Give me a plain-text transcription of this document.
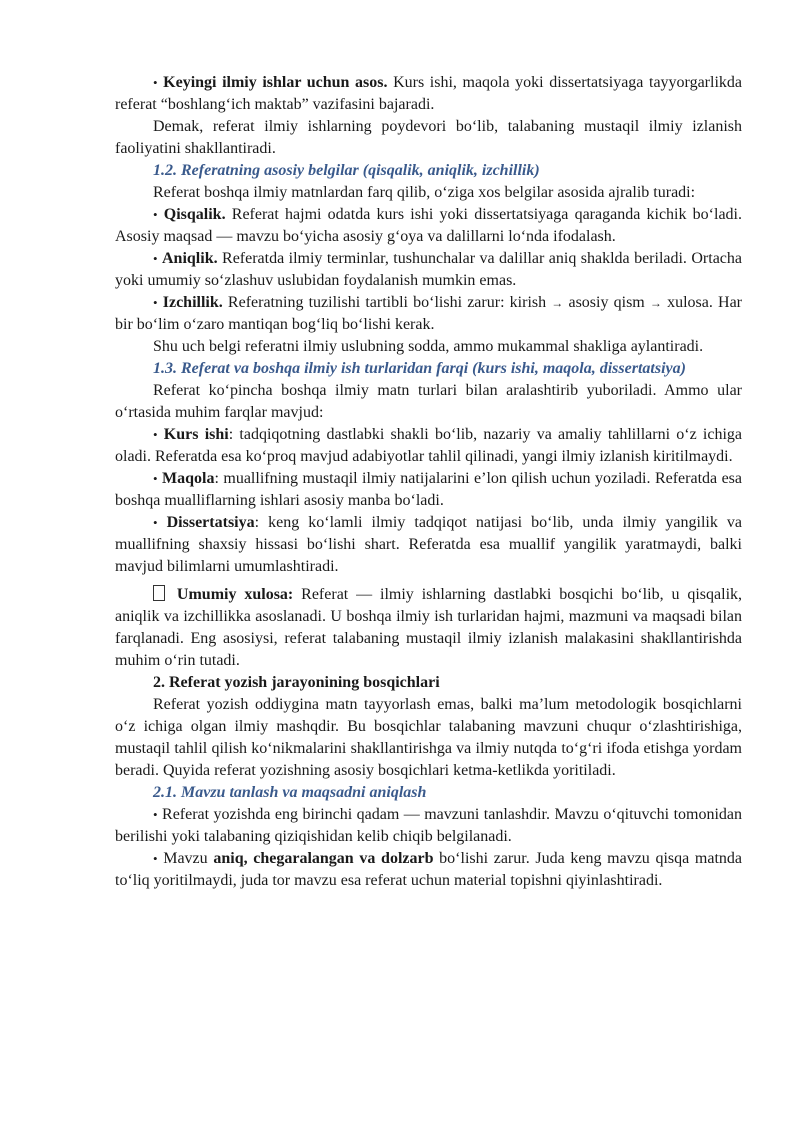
• Keyingi ilmiy ishlar uchun asos. Kurs ishi, maqola yoki dissertatsiyaga tayyorgarlikda referat “boshlang‘ich maktab” vazifasini bajaradi.

Demak, referat ilmiy ishlarning poydevori bo‘lib, talabaning mustaqil ilmiy izlanish faoliyatini shakllantiradi.

1.2. Referatning asosiy belgilar (qisqalik, aniqlik, izchillik)

Referat boshqa ilmiy matnlardan farq qilib, o‘ziga xos belgilar asosida ajralib turadi:

• Qisqalik. Referat hajmi odatda kurs ishi yoki dissertatsiyaga qaraganda kichik bo‘ladi. Asosiy maqsad — mavzu bo‘yicha asosiy g‘oya va dalillarni lo‘nda ifodalash.

• Aniqlik. Referatda ilmiy terminlar, tushunchalar va dalillar aniq shaklda beriladi. Ortacha yoki umumiy so‘zlashuv uslubidan foydalanish mumkin emas.

• Izchillik. Referatning tuzilishi tartibli bo‘lishi zarur: kirish → asosiy qism → xulosa. Har bir bo‘lim o‘zaro mantiqan bog‘liq bo‘lishi kerak.

Shu uch belgi referatni ilmiy uslubning sodda, ammo mukammal shakliga aylantiradi.

1.3. Referat va boshqa ilmiy ish turlaridan farqi (kurs ishi, maqola, dissertatsiya)

Referat ko‘pincha boshqa ilmiy matn turlari bilan aralashtirib yuboriladi. Ammo ular o‘rtasida muhim farqlar mavjud:

• Kurs ishi: tadqiqotning dastlabki shakli bo‘lib, nazariy va amaliy tahlillarni o‘z ichiga oladi. Referatda esa ko‘proq mavjud adabiyotlar tahlil qilinadi, yangi ilmiy izlanish kiritilmaydi.

• Maqola: muallifning mustaqil ilmiy natijalarini e’lon qilish uchun yoziladi. Referatda esa boshqa mualliflarning ishlari asosiy manba bo‘ladi.

• Dissertatsiya: keng ko‘lamli ilmiy tadqiqot natijasi bo‘lib, unda ilmiy yangilik va muallifning shaxsiy hissasi bo‘lishi shart. Referatda esa muallif yangilik yaratmaydi, balki mavjud bilimlarni umumlashtiradi.

Umumiy xulosa: Referat — ilmiy ishlarning dastlabki bosqichi bo‘lib, u qisqalik, aniqlik va izchillikka asoslanadi. U boshqa ilmiy ish turlaridan hajmi, mazmuni va maqsadi bilan farqlanadi. Eng asosiysi, referat talabaning mustaqil ilmiy izlanish malakasini shakllantirishda muhim o‘rin tutadi.

2. Referat yozish jarayonining bosqichlari

Referat yozish oddiygina matn tayyorlash emas, balki ma’lum metodologik bosqichlarni o‘z ichiga olgan ilmiy mashqdir. Bu bosqichlar talabaning mavzuni chuqur o‘zlashtirishiga, mustaqil tahlil qilish ko‘nikmalarini shakllantirishga va ilmiy nutqda to‘g‘ri ifoda etishga yordam beradi. Quyida referat yozishning asosiy bosqichlari ketma-ketlikda yoritiladi.

2.1. Mavzu tanlash va maqsadni aniqlash

• Referat yozishda eng birinchi qadam — mavzuni tanlashdir. Mavzu o‘qituvchi tomonidan berilishi yoki talabaning qiziqishidan kelib chiqib belgilanadi.

• Mavzu aniq, chegaralangan va dolzarb bo‘lishi zarur. Juda keng mavzu qisqa matnda to‘liq yoritilmaydi, juda tor mavzu esa referat uchun material topishni qiyinlashtiradi.
